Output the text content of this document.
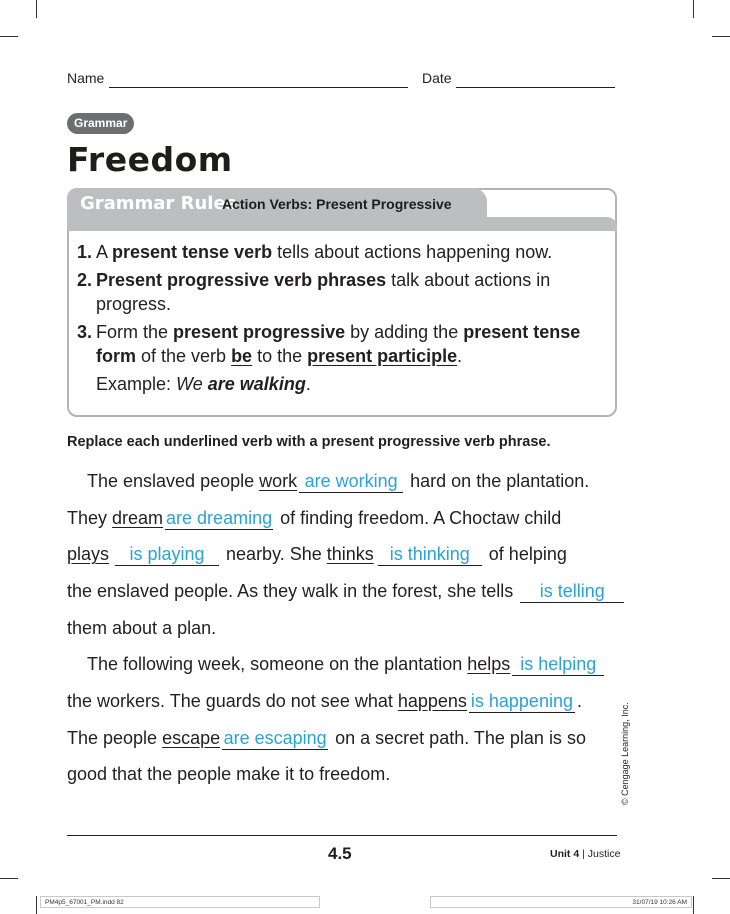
Name	Date
Grammar
Freedom
Grammar Rules
Action Verbs: Present Progressive
1. A present tense verb tells about actions happening now.
2. Present progressive verb phrases talk about actions in progress.
3. Form the present progressive by adding the present tense form of the verb be to the present participle.
Example: We are walking.
Replace each underlined verb with a present progressive verb phrase.
The enslaved people work are working hard on the plantation.
They dream are dreaming of finding freedom. A Choctaw child
plays is playing nearby. She thinks is thinking of helping
the enslaved people. As they walk in the forest, she tells is telling
them about a plan.
The following week, someone on the plantation helps is helping
the workers. The guards do not see what happens is happening .
The people escape are escaping on a secret path. The plan is so
good that the people make it to freedom.	© Cengage Learning, Inc.
4.5	Unit 4 | Justice
PM4p5_67001_PM.indd 82	31/07/19 10:26 AM
